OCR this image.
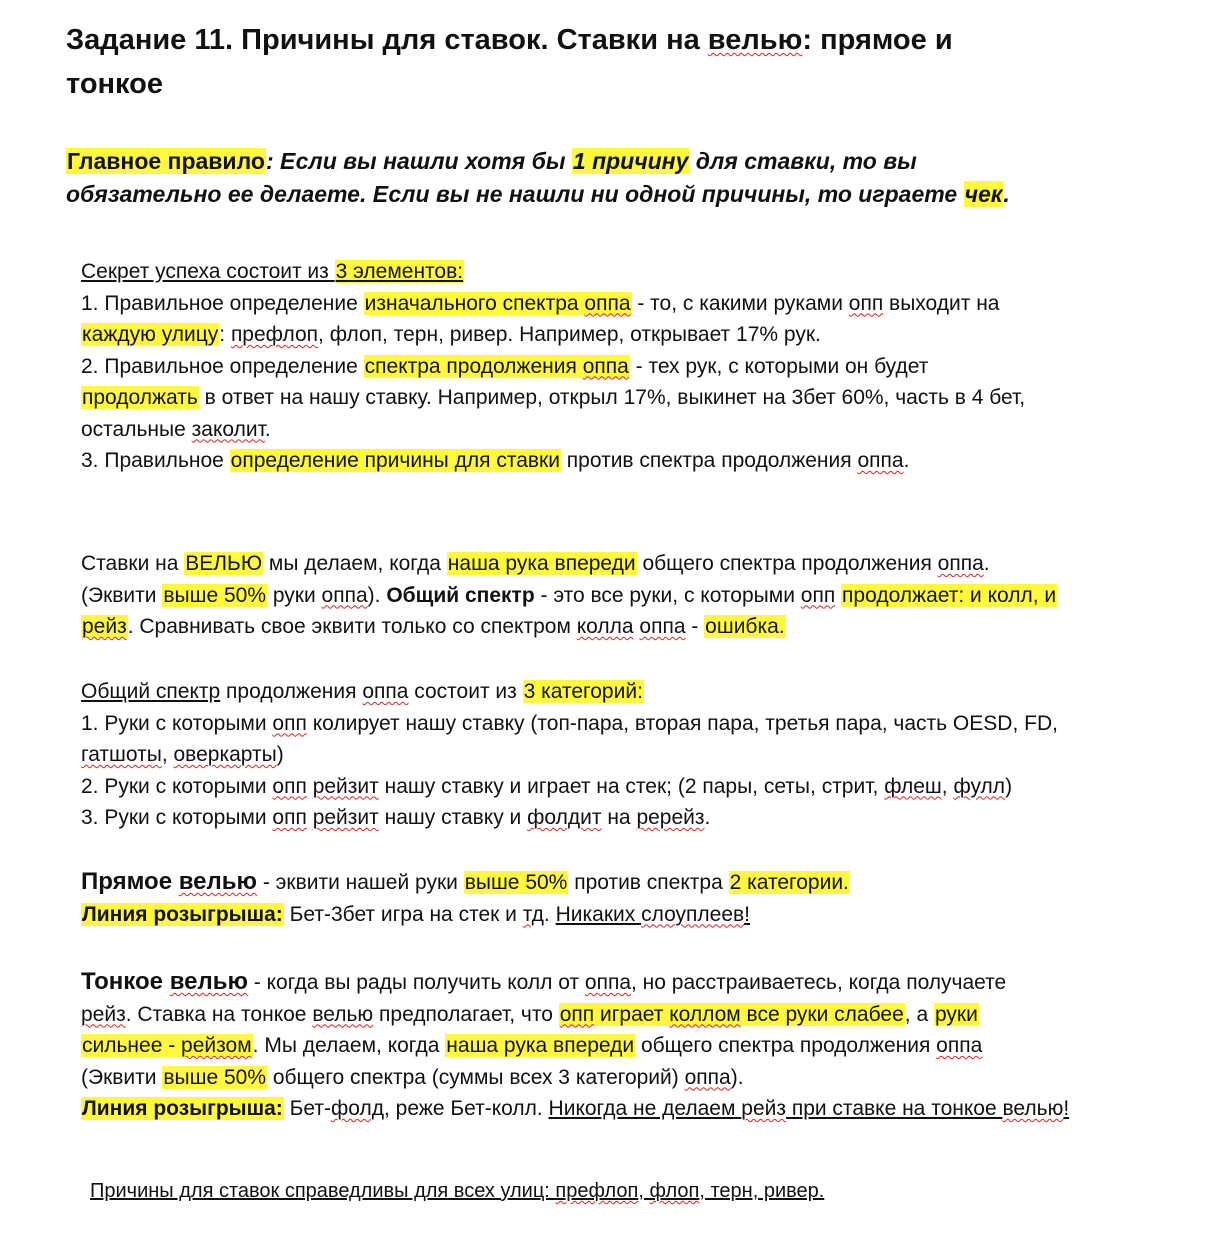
Задание 11. Причины для ставок. Ставки на велью: прямое и
тонкое
Главное правило: Если вы нашли хотя бы 1 причину для ставки, то вы
обязательно ее делаете. Если вы не нашли ни одной причины, то играете чек.
Секрет успеха состоит из 3 элементов:
1. Правильное определение изначального спектра оппа - то, с какими руками опп выходит на
каждую улицу: префлоп, флоп, терн, ривер. Например, открывает 17% рук.
2. Правильное определение спектра продолжения оппа - тех рук, с которыми он будет
продолжать в ответ на нашу ставку. Например, открыл 17%, выкинет на 3бет 60%, часть в 4 бет,
остальные заколит.
3. Правильное определение причины для ставки против спектра продолжения оппа.
Ставки на ВЕЛЬЮ мы делаем, когда наша рука впереди общего спектра продолжения оппа.
(Эквити выше 50% руки оппа). Общий спектр - это все руки, с которыми опп продолжает: и колл, и
рейз. Сравнивать свое эквити только со спектром колла оппа - ошибка.
Общий спектр продолжения оппа состоит из 3 категорий:
1. Руки с которыми опп колирует нашу ставку (топ-пара, вторая пара, третья пара, часть OESD, FD,
гатшоты, оверкарты)
2. Руки с которыми опп рейзит нашу ставку и играет на стек; (2 пары, сеты, стрит, флеш, фулл)
3. Руки с которыми опп рейзит нашу ставку и фолдит на ререйз.
Прямое велью - эквити нашей руки выше 50% против спектра 2 категории.
Линия розыгрыша: Бет-3бет игра на стек и тд. Никаких слоуплеев!
Тонкое велью - когда вы рады получить колл от оппа, но расстраиваетесь, когда получаете
рейз. Ставка на тонкое велью предполагает, что опп играет коллом все руки слабее, а руки
сильнее - рейзом. Мы делаем, когда наша рука впереди общего спектра продолжения оппа
(Эквити выше 50% общего спектра (суммы всех 3 категорий) оппа).
Линия розыгрыша: Бет-фолд, реже Бет-колл. Никогда не делаем рейз при ставке на тонкое велью!
Причины для ставок справедливы для всех улиц: префлоп, флоп, терн, ривер.
